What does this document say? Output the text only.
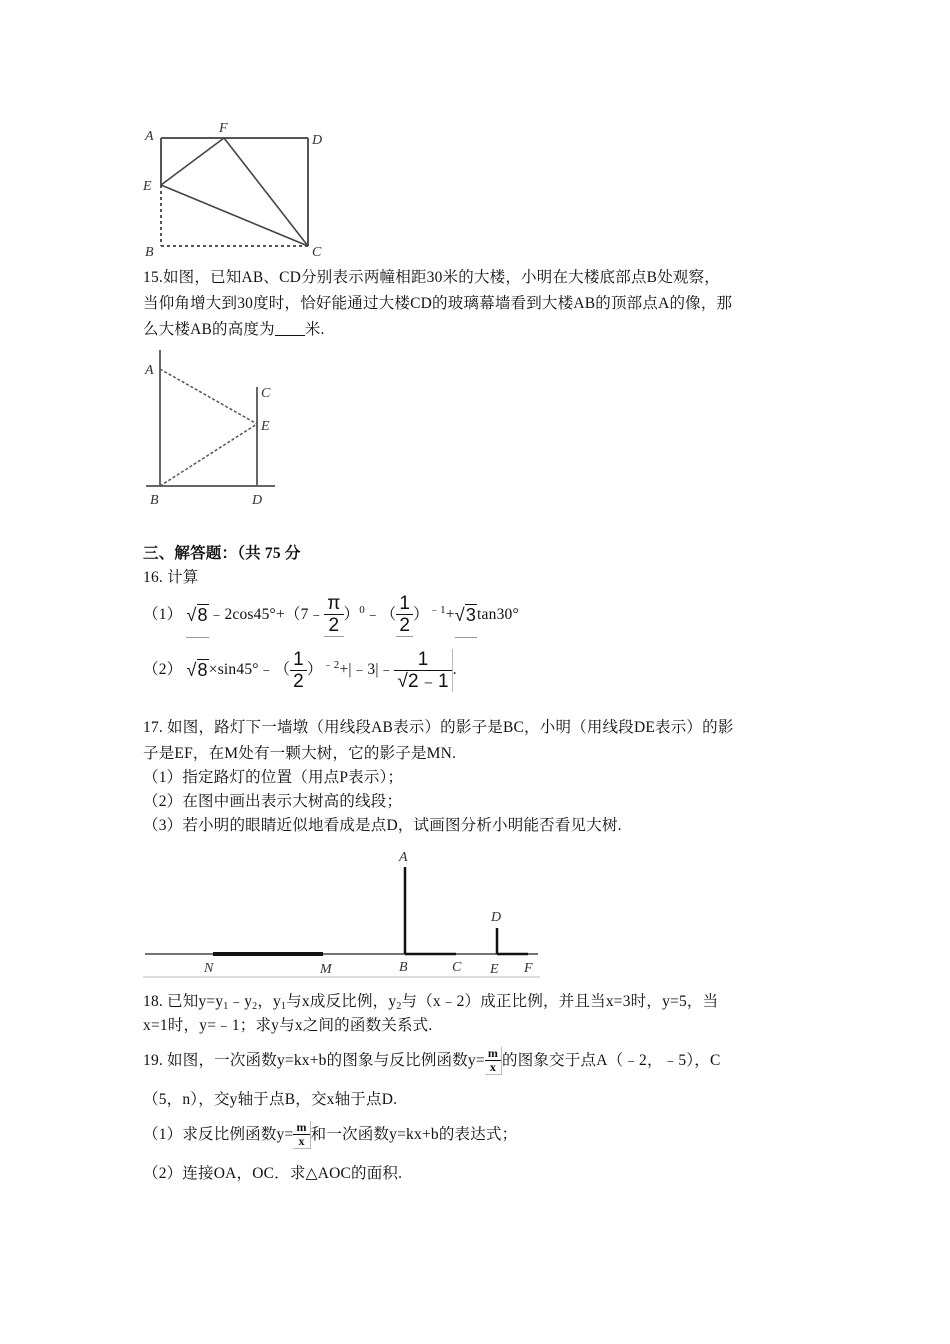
A
F
D
E
B	C
15.如图，已知AB、CD分别表示两幢相距30米的大楼，小明在大楼底部点B处观察，
当仰角增大到30度时，恰好能通过大楼CD的玻璃幕墙看到大楼AB的顶部点A的像，那
么大楼AB的高度为 米.
A
C
E
B	D
三、解答题：（共 75 分
16. 计算
（1） √8﹣2cos45°+（7﹣ $\frac{\pi}{2}$ ）$^0$﹣（ $\frac{1}{2} )^{﹣1}+√3\tan 30^\circ$
（2） √8×sin45°﹣（ $\frac{1}{2}$ ）$^{﹣2}$+|﹣3|﹣ $\frac{1}{√2﹣1}$ .
17. 如图，路灯下一墙墩（用线段AB表示）的影子是BC，小明（用线段DE表示）的影
子是EF，在M处有一颗大树，它的影子是MN.
（1）指定路灯的位置（用点P表示）；
（2）在图中画出表示大树高的线段；
（3）若小明的眼睛近似地看成是点D，试画图分析小明能否看见大树.
A
D
N	M	B	C E F
18. 已知$y=y_1﹣y_2$，$y_1$与x成反比例，$y_2$与（x﹣2）成正比例，并且当x=3时，y=5，当
x=1时，y=﹣1；求y与x之间的函数关系式.
19. 如图，一次函数y=kx+b的图象与反比例函数$y= \frac{m}{x}$ 的图象交于点A（﹣2，﹣5），C
（5，n），交y轴于点B，交x轴于点D.
（1）求反比例函数$y= \frac{m}{x}$ 和一次函数y=kx+b的表达式；
（2）连接OA，OC．求△AOC的面积.
